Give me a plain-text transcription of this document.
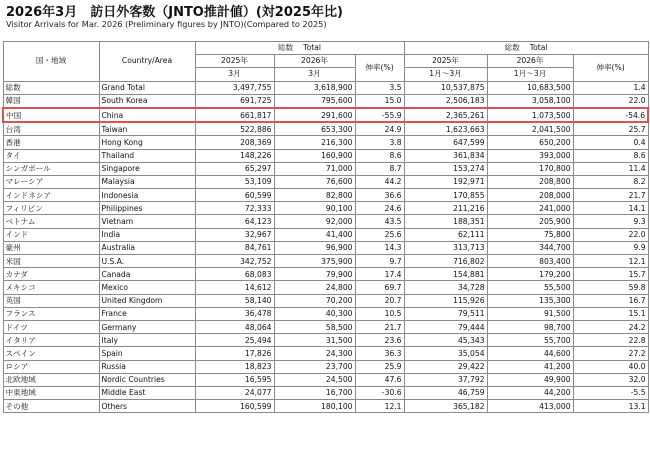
2026年3月　訪日外客数（JNTO推計値）(対2025年比)
Visitor Arrivals for Mar. 2026 (Preliminary figures by JNTO)(Compared to 2025)
国・地域	Country/Area	総数　 Total			総数　 Total		
		2025年	2026年	伸率(%)	2025年	2026年	伸率(%)
		3月	3月		1月～3月	1月～3月	
総数	Grand Total	3,497,755	3,618,900	3.5	10,537,875	10,683,500	1.4
韓国	South Korea	691,725	795,600	15.0	2,506,183	3,058,100	22.0
中国	China	661,817	291,600	-55.9	2,365,261	1,073,500	-54.6
台湾	Taiwan	522,886	653,300	24.9	1,623,663	2,041,500	25.7
香港	Hong Kong	208,369	216,300	3.8	647,599	650,200	0.4
タイ	Thailand	148,226	160,900	8.6	361,834	393,000	8.6
シンガポール	Singapore	65,297	71,000	8.7	153,274	170,800	11.4
マレーシア	Malaysia	53,109	76,600	44.2	192,971	208,800	8.2
インドネシア	Indonesia	60,599	82,800	36.6	170,855	208,000	21.7
フィリピン	Philippines	72,333	90,100	24.6	211,216	241,000	14.1
ベトナム	Vietnam	64,123	92,000	43.5	188,351	205,900	9.3
インド	India	32,967	41,400	25.6	62,111	75,800	22.0
豪州	Australia	84,761	96,900	14.3	313,713	344,700	9.9
米国	U.S.A.	342,752	375,900	9.7	716,802	803,400	12.1
カナダ	Canada	68,083	79,900	17.4	154,881	179,200	15.7
メキシコ	Mexico	14,612	24,800	69.7	34,728	55,500	59.8
英国	United Kingdom	58,140	70,200	20.7	115,926	135,300	16.7
フランス	France	36,478	40,300	10.5	79,511	91,500	15.1
ドイツ	Germany	48,064	58,500	21.7	79,444	98,700	24.2
イタリア	Italy	25,494	31,500	23.6	45,343	55,700	22.8
スペイン	Spain	17,826	24,300	36.3	35,054	44,600	27.2
ロシア	Russia	18,823	23,700	25.9	29,422	41,200	40.0
北欧地域	Nordic Countries	16,595	24,500	47.6	37,792	49,900	32.0
中東地域	Middle East	24,077	16,700	-30.6	46,759	44,200	-5.5
その他	Others	160,599	180,100	12.1	365,182	413,000	13.1
